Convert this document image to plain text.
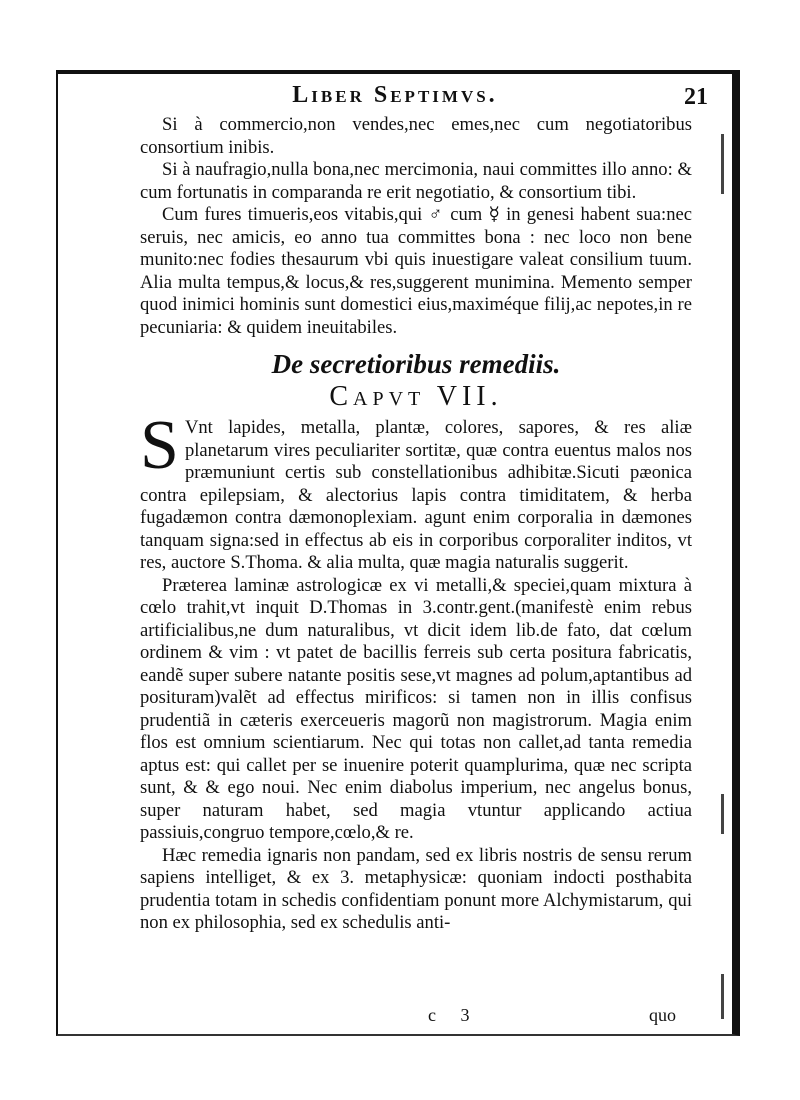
Liber Septimvs.	21

Si à commercio,non vendes,nec emes,nec cum negotiatoribus consortium inibis.

Si à naufragio,nulla bona,nec mercimonia, naui committes illo anno: & cum fortunatis in comparanda re erit negotiatio, & consortium tibi.

Cum fures timueris,eos vitabis,qui ♂ cum ☿ in genesi habent sua:nec seruis, nec amicis, eo anno tua committes bona : nec loco non bene munito:nec fodies thesaurum vbi quis inuestigare valeat consilium tuum. Alia multa tempus,& locus,& res,suggerent munimina. Memento semper quod inimici hominis sunt domestici eius,maximéque filij,ac nepotes,in re pecuniaria: & quidem ineuitabiles.

De secretioribus remediis.
Capvt VII.

SVnt lapides, metalla, plantæ, colores, sapores, & res aliæ planetarum vires peculiariter sortitæ, quæ contra euentus malos nos præmuniunt certis sub constellationibus adhibitæ.Sicuti pæonica contra epilepsiam, & alectorius lapis contra timiditatem, & herba fugadæmon contra dæmonoplexiam. agunt enim corporalia in dæmones tanquam signa:sed in effectus ab eis in corporibus corporaliter inditos, vt res, auctore S.Thoma. & alia multa, quæ magia naturalis suggerit.

Præterea laminæ astrologicæ ex vi metalli,& speciei,quam mixtura à cœlo trahit,vt inquit D.Thomas in 3.contr.gent.(manifestè enim rebus artificialibus,ne dum naturalibus, vt dicit idem lib.de fato, dat cœlum ordinem & vim : vt patet de bacillis ferreis sub certa positura fabricatis, eandẽ super subere natante positis sese,vt magnes ad polum,aptantibus ad posituram)valẽt ad effectus mirificos: si tamen non in illis confisus prudentiã in cæteris exerceueris magorũ non magistrorum. Magia enim flos est omnium scientiarum. Nec qui totas non callet,ad tanta remedia aptus est: qui callet per se inuenire poterit quamplurima, quæ nec scripta sunt, & & ego noui. Nec enim diabolus imperium, nec angelus bonus, super naturam habet, sed magia vtuntur applicando actiua passiuis,congruo tempore,cœlo,& re.

Hæc remedia ignaris non pandam, sed ex libris nostris de sensu rerum sapiens intelliget, & ex 3. metaphysicæ: quoniam indocti posthabita prudentia totam in schedis confidentiam ponunt more Alchymistarum, qui non ex philosophia, sed ex schedulis anti-

c 3	quo
